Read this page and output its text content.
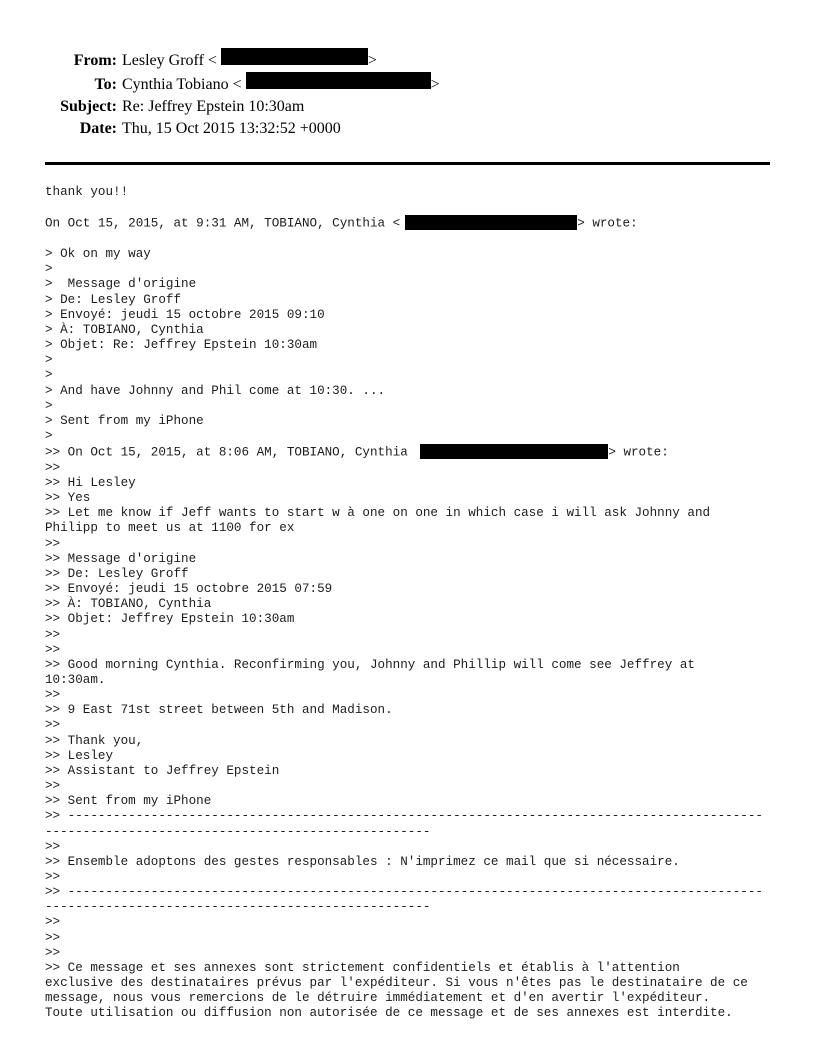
From: Lesley Groff <	>
To: Cynthia Tobiano <	>
Subject: Re: Jeffrey Epstein 10:30am
Date: Thu, 15 Oct 2015 13:32:52 +0000
thank you!!
On Oct 15, 2015, at 9:31 AM, TOBIANO, Cynthia <	> wrote:
> Ok on my way
>
>  Message d'origine
> De: Lesley Groff
> Envoyé: jeudi 15 octobre 2015 09:10
> À: TOBIANO, Cynthia
> Objet: Re: Jeffrey Epstein 10:30am
>
>
> And have Johnny and Phil come at 10:30. ...
>
> Sent from my iPhone
>
>> On Oct 15, 2015, at 8:06 AM, TOBIANO, Cynthia	> wrote:
>>
>> Hi Lesley
>> Yes
>> Let me know if Jeff wants to start w à one on one in which case i will ask Johnny and
Philipp to meet us at 1100 for ex
>>
>> Message d'origine
>> De: Lesley Groff
>> Envoyé: jeudi 15 octobre 2015 07:59
>> À: TOBIANO, Cynthia
>> Objet: Jeffrey Epstein 10:30am
>>
>>
>> Good morning Cynthia. Reconfirming you, Johnny and Phillip will come see Jeffrey at
10:30am.
>>
>> 9 East 71st street between 5th and Madison.
>>
>> Thank you,
>> Lesley
>> Assistant to Jeffrey Epstein
>>
>> Sent from my iPhone
>> --------------------------------------------------------------------------------------------
---------------------------------------------------
>>
>> Ensemble adoptons des gestes responsables : N'imprimez ce mail que si nécessaire.
>>
>> --------------------------------------------------------------------------------------------
---------------------------------------------------
>>
>>
>>
>> Ce message et ses annexes sont strictement confidentiels et établis à l'attention
exclusive des destinataires prévus par l'expéditeur. Si vous n'êtes pas le destinataire de ce
message, nous vous remercions de le détruire immédiatement et d'en avertir l'expéditeur.
Toute utilisation ou diffusion non autorisée de ce message et de ses annexes est interdite.
